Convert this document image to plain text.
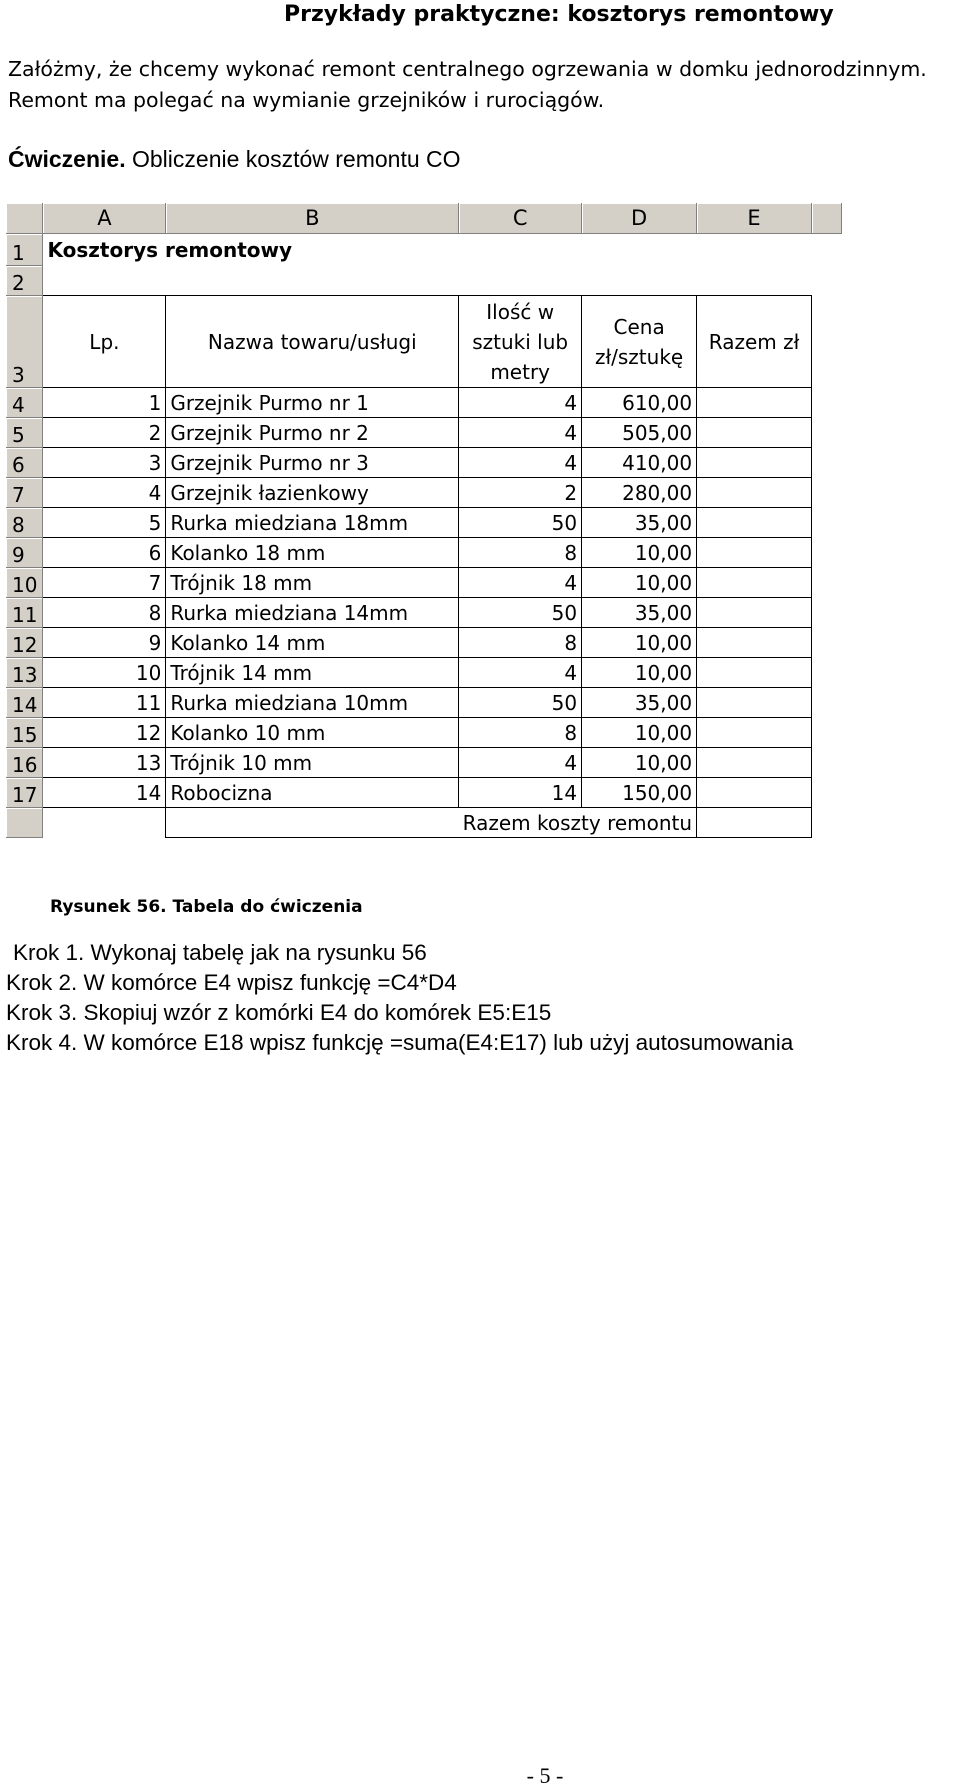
Przykłady praktyczne: kosztorys remontowy
Załóżmy, że chcemy wykonać remont centralnego ogrzewania w domku jednorodzinnym.
Remont ma polegać na wymianie grzejników i rurociągów.
Ćwiczenie. Obliczenie kosztów remontu CO
	A	B	C	D	E	
1	Kosztorys remontowy					
2						
3	Lp.	Nazwa towaru/usługi	Ilość w sztuki lub metry	Cena zł/sztukę	Razem zł	
4	1	Grzejnik Purmo nr 1	4	610,00		
5	2	Grzejnik Purmo nr 2	4	505,00		
6	3	Grzejnik Purmo nr 3	4	410,00		
7	4	Grzejnik łazienkowy	2	280,00		
8	5	Rurka miedziana 18mm	50	35,00		
9	6	Kolanko 18 mm	8	10,00		
10	7	Trójnik 18 mm	4	10,00		
11	8	Rurka miedziana 14mm	50	35,00		
12	9	Kolanko 14 mm	8	10,00		
13	10	Trójnik 14 mm	4	10,00		
14	11	Rurka miedziana 10mm	50	35,00		
15	12	Kolanko 10 mm	8	10,00		
16	13	Trójnik 10 mm	4	10,00		
17	14	Robocizna	14	150,00		
		Razem koszty remontu				
Rysunek 56. Tabela do ćwiczenia
Krok 1. Wykonaj tabelę jak na rysunku 56
Krok 2. W komórce E4 wpisz funkcję =C4*D4
Krok 3. Skopiuj wzór z komórki E4 do komórek E5:E15
Krok 4. W komórce E18 wpisz funkcję =suma(E4:E17) lub użyj autosumowania
- 5 -
